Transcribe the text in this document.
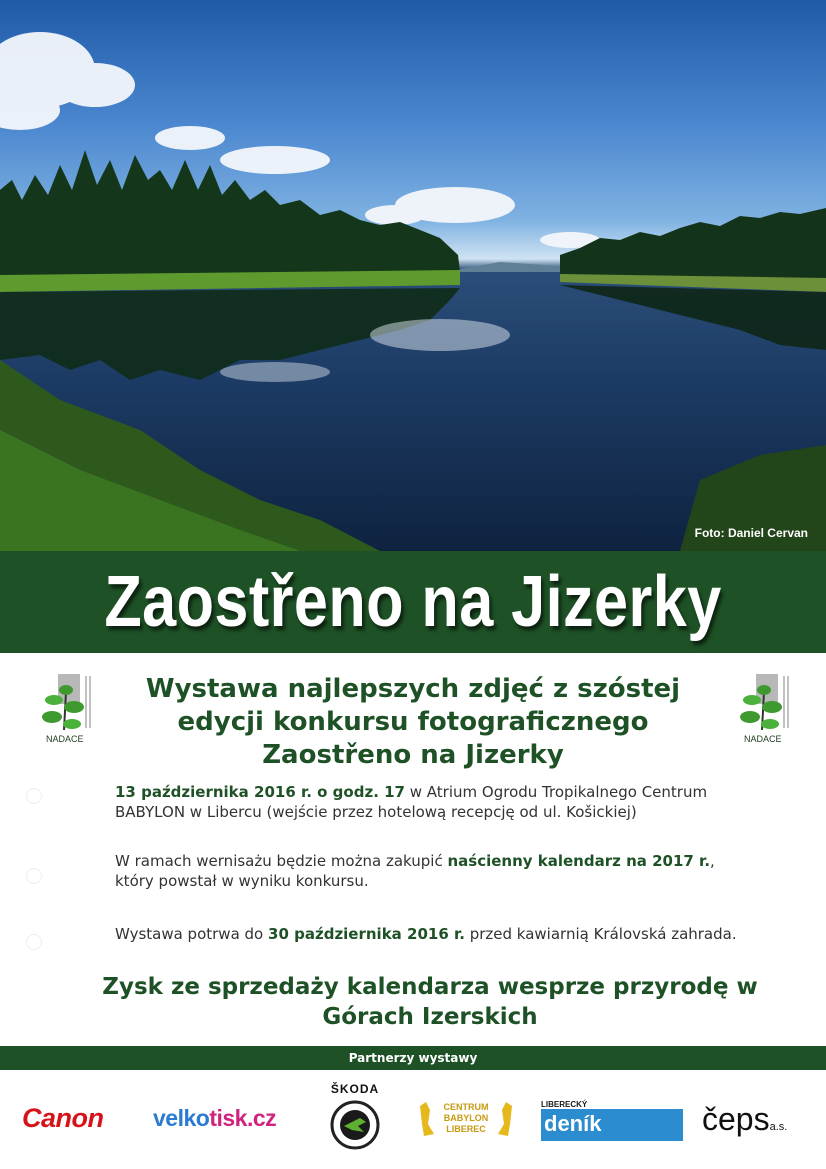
Foto: Daniel Cervan
Zaostřeno na Jizerky
NADACE	NADACE
Wystawa najlepszych zdjęć z szóstej edycji konkursu fotograficznego Zaostřeno na Jizerky
13 października 2016 r. o godz. 17 w Atrium Ogrodu Tropikalnego Centrum BABYLON w Libercu (wejście przez hotelową recepcję od ul. Košickiej)
W ramach wernisażu będzie można zakupić naścienny kalendarz na 2017 r., który powstał w wyniku konkursu.
Wystawa potrwa do 30 października 2016 r. przed kawiarnią Královská zahrada.
Zysk ze sprzedaży kalendarza wesprze przyrodę w Górach Izerskich
Partnerzy wystawy
Canon velkotisk.cz
ŠKODA
CENTRUM
BABYLON
LIBEREC
LIBERECKÝ
deník	čepsa.s.
